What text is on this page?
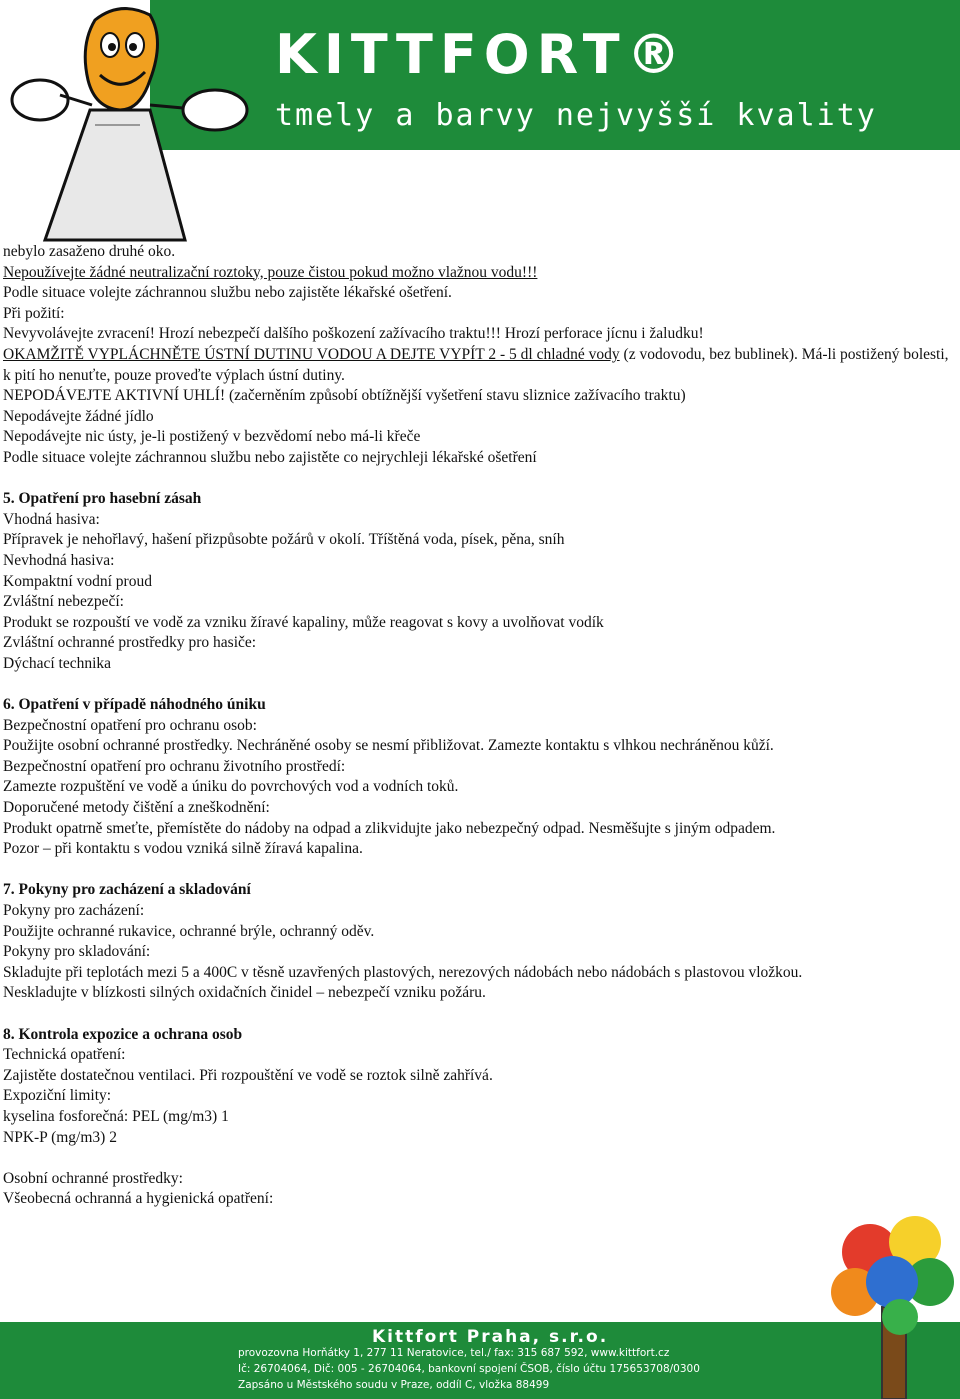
KITTFORT®
tmely a barvy nejvyšší kvality

nebylo zasaženo druhé oko.

Nepoužívejte žádné neutralizační roztoky, pouze čistou pokud možno vlažnou vodu!!!

Podle situace volejte záchrannou službu nebo zajistěte lékařské ošetření.

Při požití:

Nevyvolávejte zvracení! Hrozí nebezpečí dalšího poškození zažívacího traktu!!! Hrozí perforace jícnu i žaludku!

OKAMŽITĚ VYPLÁCHNĚTE ÚSTNÍ DUTINU VODOU A DEJTE VYPÍT 2 - 5 dl chladné vody (z vodovodu, bez bublinek). Má-li postižený bolesti, k pití ho nenuťte, pouze proveďte výplach ústní dutiny.

NEPODÁVEJTE AKTIVNÍ UHLÍ! (začerněním způsobí obtížnější vyšetření stavu sliznice zažívacího traktu)

Nepodávejte žádné jídlo

Nepodávejte nic ústy, je-li postižený v bezvědomí nebo má-li křeče

Podle situace volejte záchrannou službu nebo zajistěte co nejrychleji lékařské ošetření

5. Opatření pro hasební zásah

Vhodná hasiva:

Přípravek je nehořlavý, hašení přizpůsobte požárů v okolí. Tříštěná voda, písek, pěna, sníh

Nevhodná hasiva:

Kompaktní vodní proud

Zvláštní nebezpečí:

Produkt se rozpouští ve vodě za vzniku žíravé kapaliny, může reagovat s kovy a uvolňovat vodík

Zvláštní ochranné prostředky pro hasiče:

Dýchací technika

6. Opatření v případě náhodného úniku

Bezpečnostní opatření pro ochranu osob:

Použijte osobní ochranné prostředky. Nechráněné osoby se nesmí přibližovat. Zamezte kontaktu s vlhkou nechráněnou kůží.

Bezpečnostní opatření pro ochranu životního prostředí:

Zamezte rozpuštění ve vodě a úniku do povrchových vod a vodních toků.

Doporučené metody čištění a zneškodnění:

Produkt opatrně smeťte, přemístěte do nádoby na odpad a zlikvidujte jako nebezpečný odpad. Nesměšujte s jiným odpadem.

Pozor – při kontaktu s vodou vzniká silně žíravá kapalina.

7. Pokyny pro zacházení a skladování

Pokyny pro zacházení:

Použijte ochranné rukavice, ochranné brýle, ochranný oděv.

Pokyny pro skladování:

Skladujte při teplotách mezi 5 a 400C v těsně uzavřených plastových, nerezových nádobách nebo nádobách s plastovou vložkou. Neskladujte v blízkosti silných oxidačních činidel – nebezpečí vzniku požáru.

8. Kontrola expozice a ochrana osob

Technická opatření:

Zajistěte dostatečnou ventilaci. Při rozpouštění ve vodě se roztok silně zahřívá.

Expoziční limity:

kyselina fosforečná: PEL (mg/m3) 1

NPK-P (mg/m3) 2

Osobní ochranné prostředky:

Všeobecná ochranná a hygienická opatření:

Kittfort Praha, s.r.o.
provozovna Horňátky 1, 277 11 Neratovice, tel./ fax: 315 687 592, www.kittfort.cz
Ič: 26704064, Dič: 005 - 26704064, bankovní spojení ČSOB, číslo účtu 175653708/0300
Zapsáno u Městského soudu v Praze, oddíl C, vložka 88499
